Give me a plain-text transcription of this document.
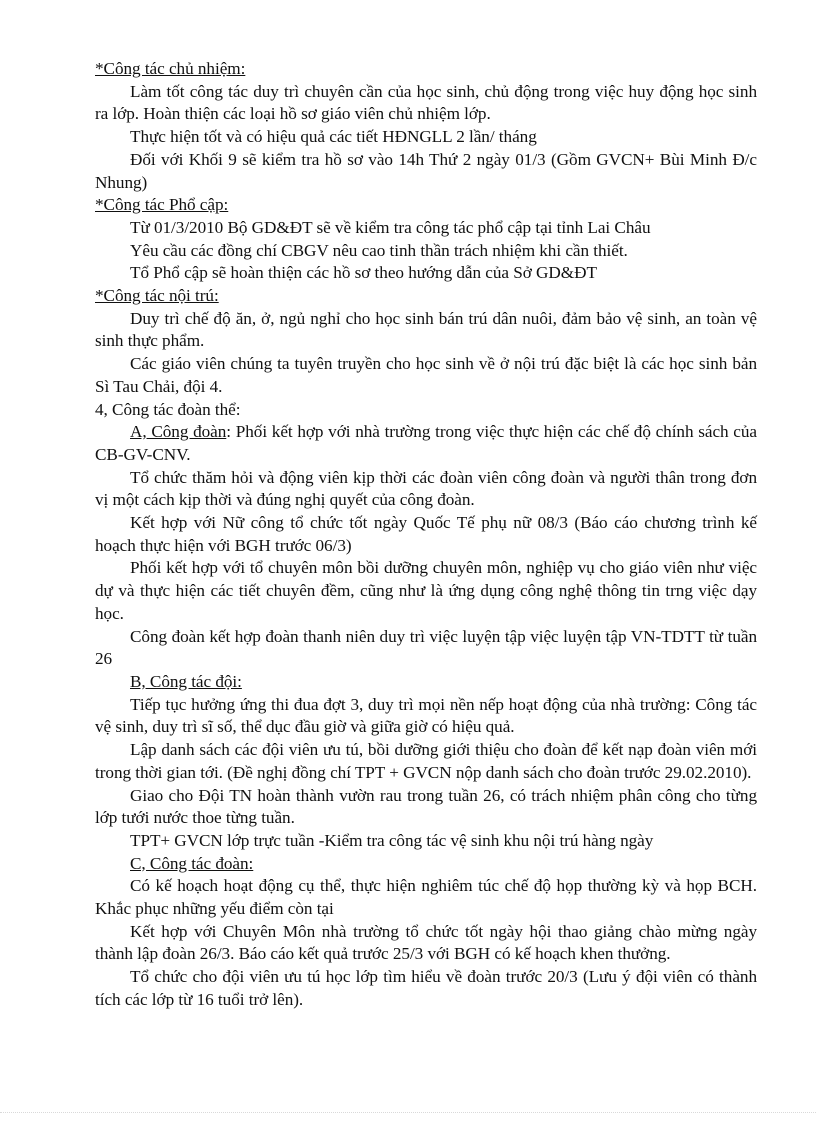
*Công tác chủ nhiệm:

Làm tốt công tác duy trì chuyên cần của học sinh, chủ động trong việc huy động học sinh ra lớp. Hoàn thiện các loại hồ sơ giáo viên chủ nhiệm lớp.

Thực hiện tốt và có hiệu quả các tiết HĐNGLL 2 lần/ tháng

Đối với Khối 9 sẽ kiểm tra hồ sơ vào 14h Thứ 2 ngày 01/3 (Gồm GVCN+ Bùi Minh Đ/c Nhung)

*Công tác Phổ cập:

Từ 01/3/2010 Bộ GD&ĐT sẽ về kiểm tra công tác phổ cập tại tỉnh Lai Châu

Yêu cầu các đồng chí CBGV nêu cao tinh thần trách nhiệm khi cần thiết.

Tổ Phổ cập sẽ hoàn thiện các hồ sơ theo hướng dẫn của Sở GD&ĐT

*Công tác nội trú:

Duy trì chế độ ăn, ở, ngủ nghỉ cho học sinh bán trú dân nuôi, đảm bảo vệ sinh, an toàn vệ sinh thực phẩm.

Các giáo viên chúng ta tuyên truyền cho học sinh về ở nội trú đặc biệt là các học sinh bản Sì Tau Chải, đội 4.

4, Công tác đoàn thể:

A, Công đoàn: Phối kết hợp với nhà trường trong việc thực hiện các chế độ chính sách của CB-GV-CNV.

Tổ chức thăm hỏi và động viên kịp thời các đoàn viên công đoàn và người thân trong đơn vị một cách kịp thời và đúng nghị quyết của công đoàn.

Kết hợp với Nữ công tổ chức tốt ngày Quốc Tế phụ nữ 08/3 (Báo cáo chương trình kế hoạch thực hiện với BGH trước 06/3)

Phối kết hợp với tổ chuyên môn bồi dưỡng chuyên môn, nghiệp vụ cho giáo viên như việc dự và thực hiện các tiết chuyên đềm, cũng như là ứng dụng công nghệ thông tin trng việc dạy học.

Công đoàn kết hợp đoàn thanh niên duy trì việc luyện tập việc luyện tập VN-TDTT từ tuần 26

B, Công tác đội:

Tiếp tục hưởng ứng thi đua đợt 3, duy trì mọi nền nếp hoạt động của nhà trường: Công tác vệ sinh, duy trì sĩ số, thể dục đầu giờ và giữa giờ có hiệu quả.

Lập danh sách các đội viên ưu tú, bồi dưỡng giới thiệu cho đoàn để kết nạp đoàn viên mới trong thời gian tới. (Đề nghị đồng chí TPT + GVCN nộp danh sách cho đoàn trước 29.02.2010).

Giao cho Đội TN hoàn thành vườn rau trong tuần 26, có trách nhiệm phân công cho từng lớp tưới nước thoe từng tuần.

TPT+ GVCN lớp trực tuần -Kiểm tra công tác vệ sinh khu nội trú hàng ngày

C, Công tác đoàn:

Có kế hoạch hoạt động cụ thể, thực hiện nghiêm túc chế độ họp thường kỳ và họp BCH. Khắc phục những yếu điểm còn tại

Kết hợp với Chuyên Môn nhà trường tổ chức tốt ngày hội thao giảng chào mừng ngày thành lập đoàn 26/3. Báo cáo kết quả trước 25/3 với BGH có kế hoạch khen thưởng.

Tổ chức cho đội viên ưu tú học lớp tìm hiểu về đoàn trước 20/3 (Lưu ý đội viên có thành tích các lớp từ 16 tuổi trở lên).
